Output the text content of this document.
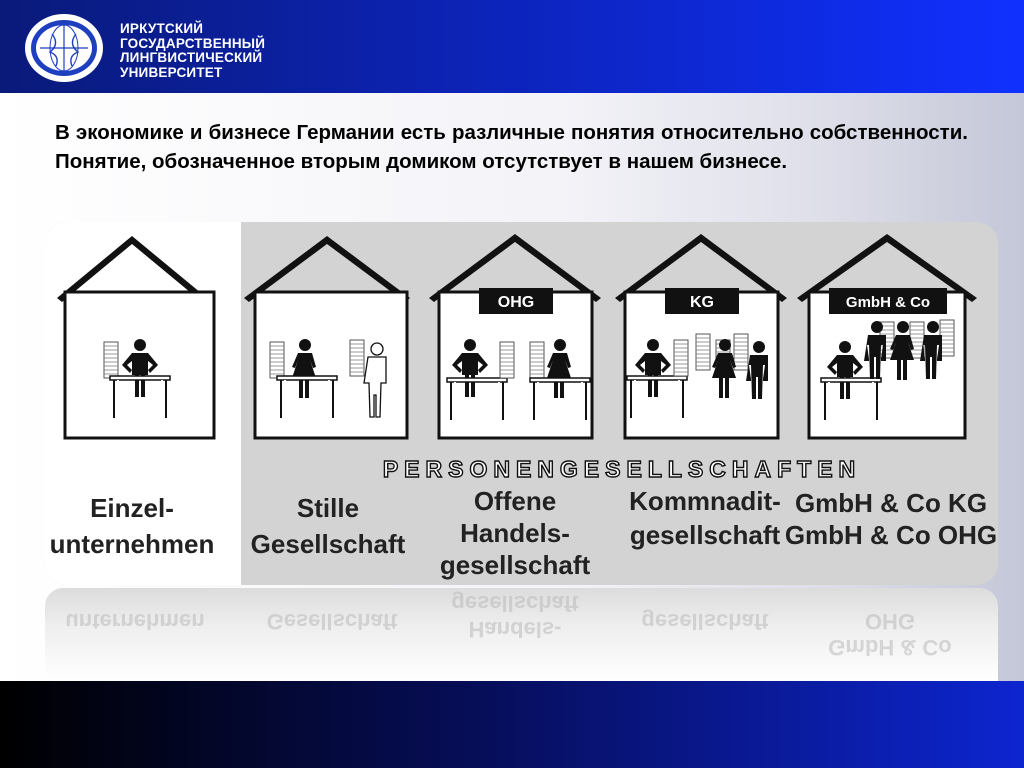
ИРКУТСКИЙ
ГОСУДАРСТВЕННЫЙ
ЛИНГВИСТИЧЕСКИЙ
УНИВЕРСИТЕТ
В экономике и бизнесе Германии есть различные понятия относительно собственности. Понятие, обозначенное вторым домиком отсутствует в нашем бизнесе.
OHG	KG	GmbH & Co
PERSONENGESELLSCHAFTEN
Einzel-
unternehmen
Stille
Gesellschaft
Offene
Handels-
gesellschaft
Kommnadit-
gesellschaft
GmbH & Co KG
GmbH & Co OHG
unternehmen	Gesellschaft
gesellschaft
Handels-	gesellschaft
GmbH & Co OHG
